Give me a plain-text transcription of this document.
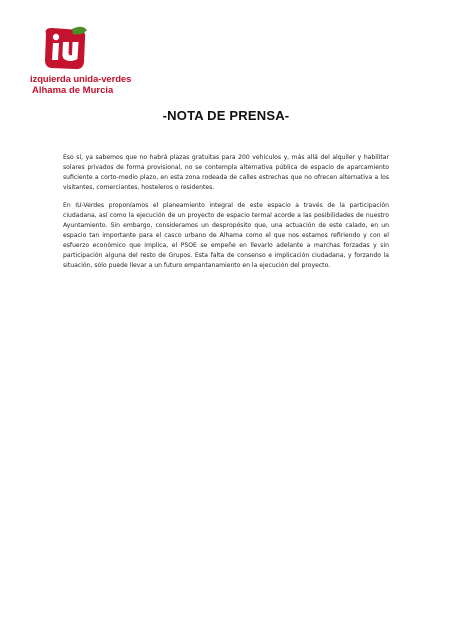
izquierda unida-verdes
Alhama de Murcia
-NOTA DE PRENSA-

Eso sí, ya sabemos que no habrá plazas gratuitas para 200 vehículos y, más allá del alquiler y habilitar solares privados de forma provisional, no se contempla alternativa pública de espacio de aparcamiento suficiente a corto-medio plazo, en esta zona rodeada de calles estrechas que no ofrecen alternativa a los visitantes, comerciantes, hosteleros o residentes.

En IU-Verdes proponíamos el planeamiento integral de este espacio a través de la participación ciudadana, así como la ejecución de un proyecto de espacio termal acorde a las posibilidades de nuestro Ayuntamiento. Sin embargo, consideramos un despropósito que, una actuación de este calado, en un espacio tan importante para el casco urbano de Alhama como el que nos estamos refiriendo y con el esfuerzo económico que implica, el PSOE se empeñe en llevarlo adelante a marchas forzadas y sin participación alguna del resto de Grupos. Esta falta de consenso e implicación ciudadana, y forzando la situación, sólo puede llevar a un futuro empantanamiento en la ejecución del proyecto.
